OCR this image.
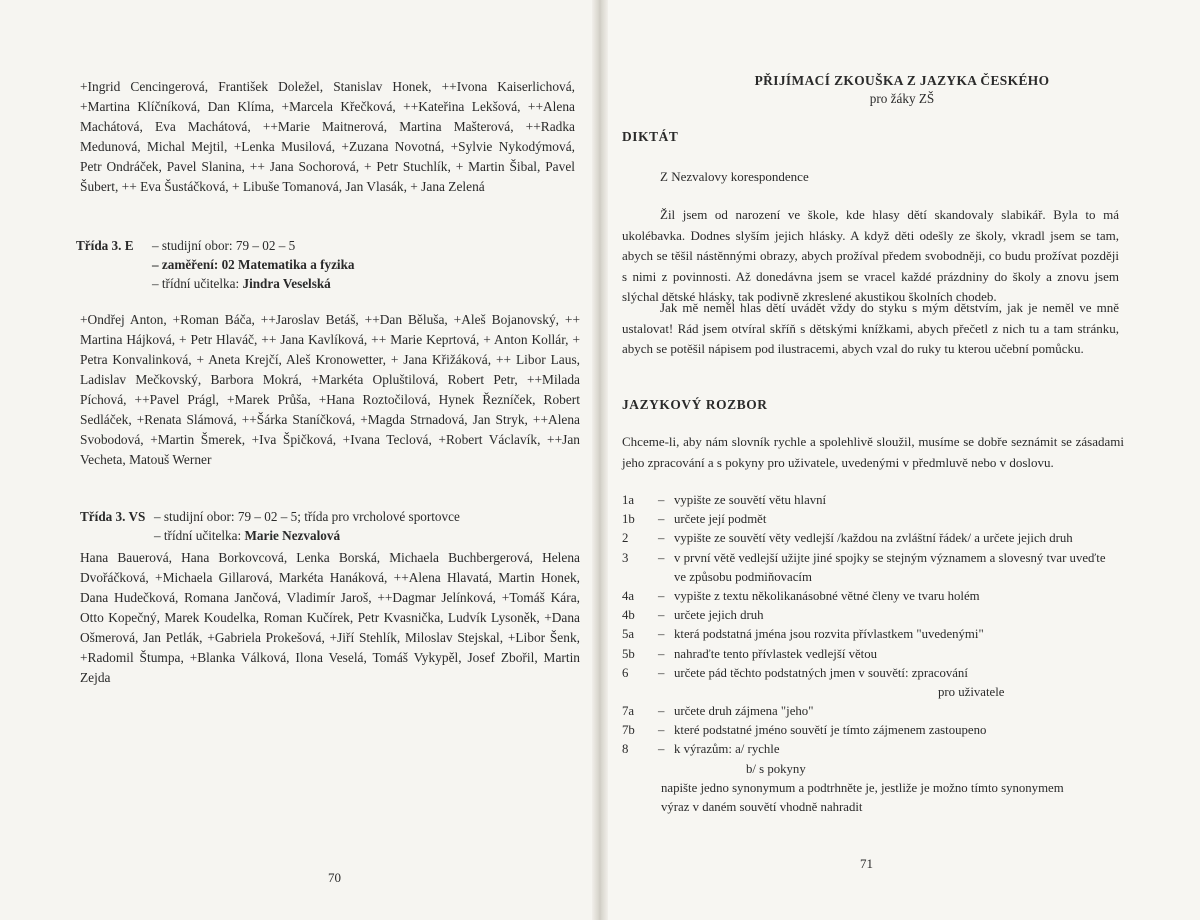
+Ingrid Cencingerová, František Doležel, Stanislav Honek, ++Ivona Kaiserlichová, +Martina Klíčníková, Dan Klíma, +Marcela Křečková, ++Kateřina Lekšová, ++Alena Machátová, Eva Machátová, ++Marie Maitnerová, Martina Mašterová, ++Radka Medunová, Michal Mejtil, +Lenka Musilová, +Zuzana Novotná, +Sylvie Nykodýmová, Petr Ondráček, Pavel Slanina, ++ Jana Sochorová, + Petr Stuchlík, + Martin Šibal, Pavel Šubert, ++ Eva Šustáčková, + Libuše Tomanová, Jan Vlasák, + Jana Zelená

Třída 3. E – studijní obor: 79 – 02 – 5
– zaměření: 02 Matematika a fyzika
– třídní učitelka: Jindra Veselská

+Ondřej Anton, +Roman Báča, ++Jaroslav Betáš, ++Dan Běluša, +Aleš Bojanovský, ++ Martina Hájková, + Petr Hlaváč, ++ Jana Kavlíková, ++ Marie Keprtová, + Anton Kollár, + Petra Konvalinková, + Aneta Krejčí, Aleš Kronowetter, + Jana Křižáková, ++ Libor Laus, Ladislav Mečkovský, Barbora Mokrá, +Markéta Opluštilová, Robert Petr, ++Milada Píchová, ++Pavel Prágl, +Marek Průša, +Hana Roztočilová, Hynek Řezníček, Robert Sedláček, +Renata Slámová, ++Šárka Staníčková, +Magda Strnadová, Jan Stryk, ++Alena Svobodová, +Martin Šmerek, +Iva Špičková, +Ivana Teclová, +Robert Václavík, ++Jan Vecheta, Matouš Werner

Třída 3. VS – studijní obor: 79 – 02 – 5; třída pro vrcholové sportovce
– třídní učitelka: Marie Nezvalová

Hana Bauerová, Hana Borkovcová, Lenka Borská, Michaela Buchbergerová, Helena Dvořáčková, +Michaela Gillarová, Markéta Hanáková, ++Alena Hlavatá, Martin Honek, Dana Hudečková, Romana Jančová, Vladimír Jaroš, ++Dagmar Jelínková, +Tomáš Kára, Otto Kopečný, Marek Koudelka, Roman Kučírek, Petr Kvasnička, Ludvík Lysoněk, +Dana Ošmerová, Jan Petlák, +Gabriela Prokešová, +Jiří Stehlík, Miloslav Stejskal, +Libor Šenk, +Radomil Štumpa, +Blanka Válková, Ilona Veselá, Tomáš Vykypěl, Josef Zbořil, Martin Zejda

70
PŘIJÍMACÍ ZKOUŠKA Z JAZYKA ČESKÉHO
pro žáky ZŠ
DIKTÁT
Z Nezvalovy korespondence

Žil jsem od narození ve škole, kde hlasy dětí skandovaly slabikář. Byla to má ukolébavka. Dodnes slyším jejich hlásky. A když děti odešly ze školy, vkradl jsem se tam, abych se těšil nástěnnými obrazy, abych prožíval předem svobodněji, co budu prožívat později s nimi z povinnosti. Až donedávna jsem se vracel každé prázdniny do školy a znovu jsem slýchal dětské hlásky, tak podivně zkreslené akustikou školních chodeb.

Jak mě neměl hlas dětí uvádět vždy do styku s mým dětstvím, jak je neměl ve mně ustalovat! Rád jsem otvíral skříň s dětskými knížkami, abych přečetl z nich tu a tam stránku, abych se potěšil nápisem pod ilustracemi, abych vzal do ruky tu kterou učební pomůcku.

JAZYKOVÝ ROZBOR

Chceme-li, aby nám slovník rychle a spolehlivě sloužil, musíme se dobře seznámit se zásadami jeho zpracování a s pokyny pro uživatele, uvedenými v předmluvě nebo v doslovu.

1a – vypište ze souvětí větu hlavní
1b – určete její podmět
2 – vypište ze souvětí věty vedlejší /každou na zvláštní řádek/ a určete jejich druh
3 – v první větě vedlejší užijte jiné spojky se stejným významem a slovesný tvar uveďte
ve způsobu podmiňovacím
4a – vypište z textu několikanásobné větné členy ve tvaru holém
4b – určete jejich druh
5a – která podstatná jména jsou rozvita přívlastkem "uvedenými"
5b – nahraďte tento přívlastek vedlejší větou
6 – určete pád těchto podstatných jmen v souvětí: zpracování
pro uživatele
7a – určete druh zájmena "jeho"
7b – které podstatné jméno souvětí je tímto zájmenem zastoupeno
8 – k výrazům: a/ rychle
b/ s pokyny
napište jedno synonymum a podtrhněte je, jestliže je možno tímto synonymem
výraz v daném souvětí vhodně nahradit
71
